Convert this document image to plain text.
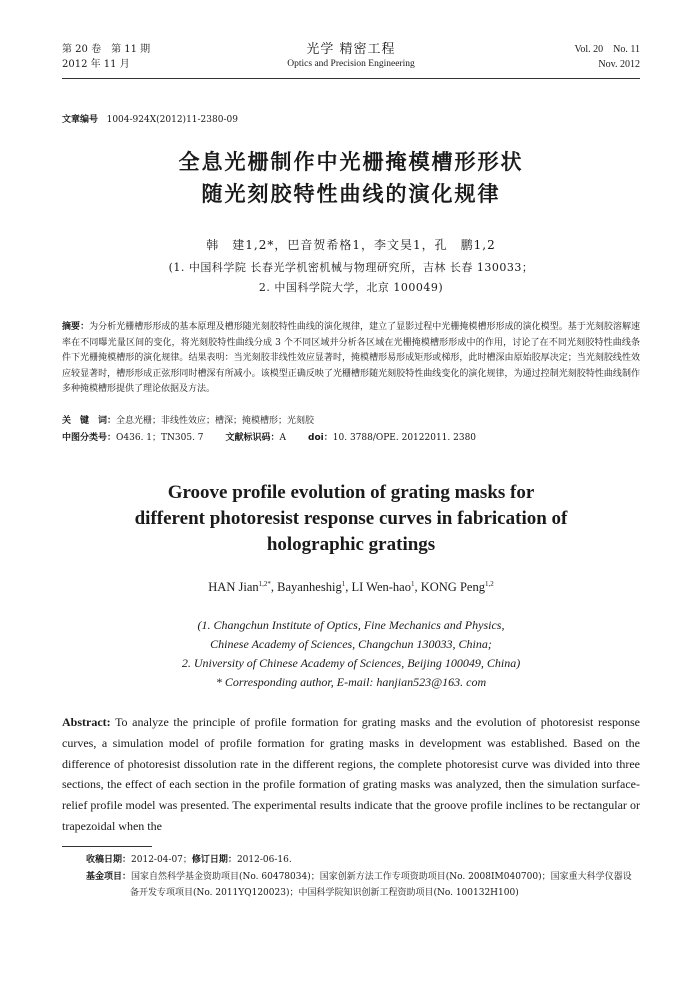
第 20 卷　第 11 期
2012 年 11 月
光学 精密工程
Optics and Precision Engineering
Vol. 20　No. 11
Nov. 2012
文章编号 1004-924X(2012)11-2380-09
全息光栅制作中光栅掩模槽形形状
随光刻胶特性曲线的演化规律
韩　建1,2*，巴音贺希格1，李文昊1，孔　鹏1,2
(1. 中国科学院 长春光学机密机械与物理研究所，吉林 长春 130033；
2. 中国科学院大学，北京 100049)
摘要：为分析光栅槽形形成的基本原理及槽形随光刻胶特性曲线的演化规律，建立了显影过程中光栅掩模槽形形成的演化模型。基于光刻胶溶解速率在不同曝光量区间的变化，将光刻胶特性曲线分成 3 个不同区域并分析各区域在光栅掩模槽形形成中的作用，讨论了在不同光刻胶特性曲线条件下光栅掩模槽形的演化规律。结果表明：当光刻胶非线性效应显著时，掩模槽形易形成矩形或梯形，此时槽深由原始胶厚决定；当光刻胶线性效应较显著时，槽形形成正弦形同时槽深有所减小。该模型正确反映了光栅槽形随光刻胶特性曲线变化的演化规律，为通过控制光刻胶特性曲线制作多种掩模槽形提供了理论依据及方法。
关　键　词：全息光栅；非线性效应；槽深；掩模槽形；光刻胶
中图分类号：O436. 1；TN305. 7 文献标识码：A doi：10. 3788/OPE. 20122011. 2380
Groove profile evolution of grating masks for
different photoresist response curves in fabrication of
holographic gratings
HAN Jian$^{1,2*}$, Bayanheshig$^1$, LI Wen-hao$^1$, KONG Peng$^{1,2}$
(1. Changchun Institute of Optics, Fine Mechanics and Physics,
Chinese Academy of Sciences, Changchun 130033, China;
2. University of Chinese Academy of Sciences, Beijing 100049, China)
* Corresponding author, E-mail: hanjian523@163. com
Abstract: To analyze the principle of profile formation for grating masks and the evolution of photoresist response curves, a simulation model of profile formation for grating masks in development was established. Based on the difference of photoresist dissolution rate in the different regions, the complete photoresist curve was divided into three sections, the effect of each section in the profile formation of grating masks was analyzed, then the simulation surface-relief profile model was presented. The experimental results indicate that the groove profile inclines to be rectangular or trapezoidal when the
收稿日期：2012-04-07；修订日期：2012-06-16.
基金项目：国家自然科学基金资助项目(No. 60478034)；国家创新方法工作专项资助项目(No. 2008IM040700)；国家重大科学仪器设备开发专项项目(No. 2011YQ120023)；中国科学院知识创新工程资助项目(No. 100132H100)
